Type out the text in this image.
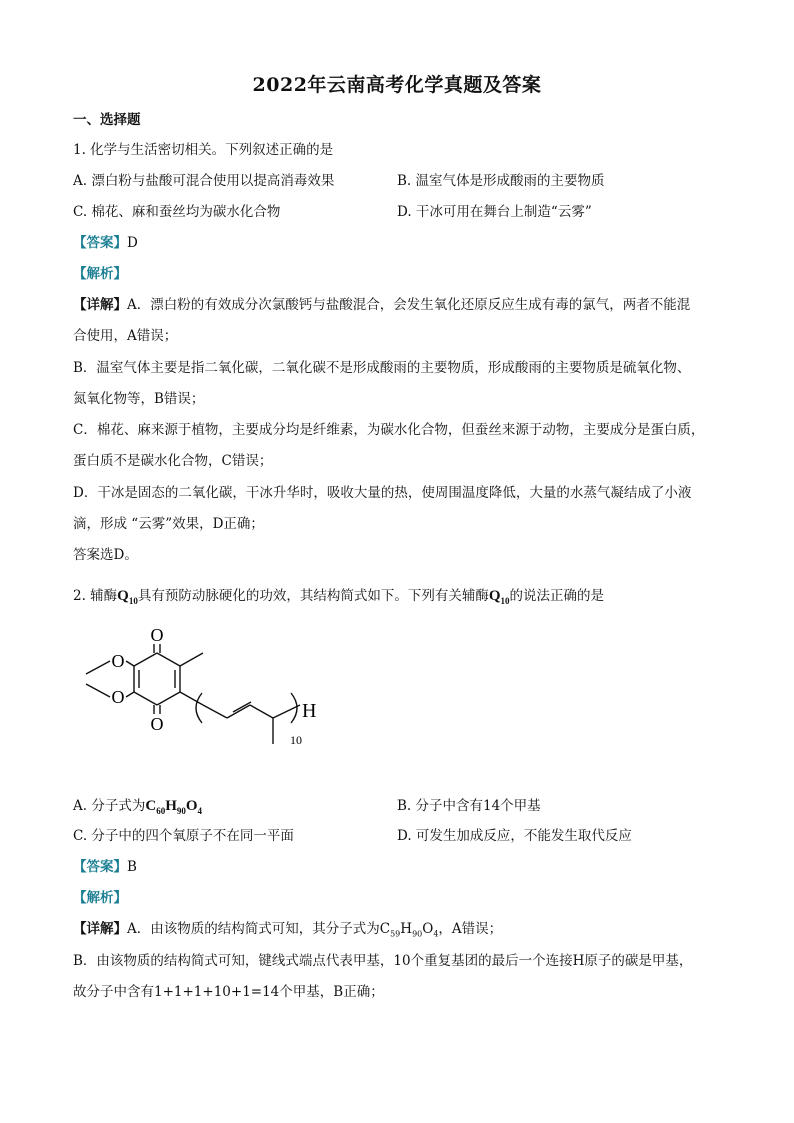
2022年云南高考化学真题及答案
一、选择题
1. 化学与生活密切相关。下列叙述正确的是
A. 漂白粉与盐酸可混合使用以提高消毒效果	B. 温室气体是形成酸雨的主要物质
C. 棉花、麻和蚕丝均为碳水化合物	D. 干冰可用在舞台上制造“云雾”
【答案】D
【解析】
【详解】A．漂白粉的有效成分次氯酸钙与盐酸混合，会发生氧化还原反应生成有毒的氯气，两者不能混
合使用，A错误；
B．温室气体主要是指二氧化碳，二氧化碳不是形成酸雨的主要物质，形成酸雨的主要物质是硫氧化物、
氮氧化物等，B错误；
C．棉花、麻来源于植物，主要成分均是纤维素，为碳水化合物，但蚕丝来源于动物，主要成分是蛋白质，
蛋白质不是碳水化合物，C错误；
D．干冰是固态的二氧化碳，干冰升华时，吸收大量的热，使周围温度降低，大量的水蒸气凝结成了小液
滴，形成 “云雾”效果，D正确；
答案选D。
2. 辅酶$Q_{10}$具有预防动脉硬化的功效，其结构简式如下。下列有关辅酶$Q_{10}$的说法正确的是
O
O
O
O
H
10
A. 分子式为$C_{60}H_{90}O_4$	B. 分子中含有14个甲基
C. 分子中的四个氧原子不在同一平面	D. 可发生加成反应，不能发生取代反应
【答案】B
【解析】
【详解】A．由该物质的结构简式可知，其分子式为$C_{59}H_{90}O_4$，A错误；
B．由该物质的结构简式可知，键线式端点代表甲基，10个重复基团的最后一个连接H原子的碳是甲基，
故分子中含有1+1+1+10+1=14个甲基，B正确；
